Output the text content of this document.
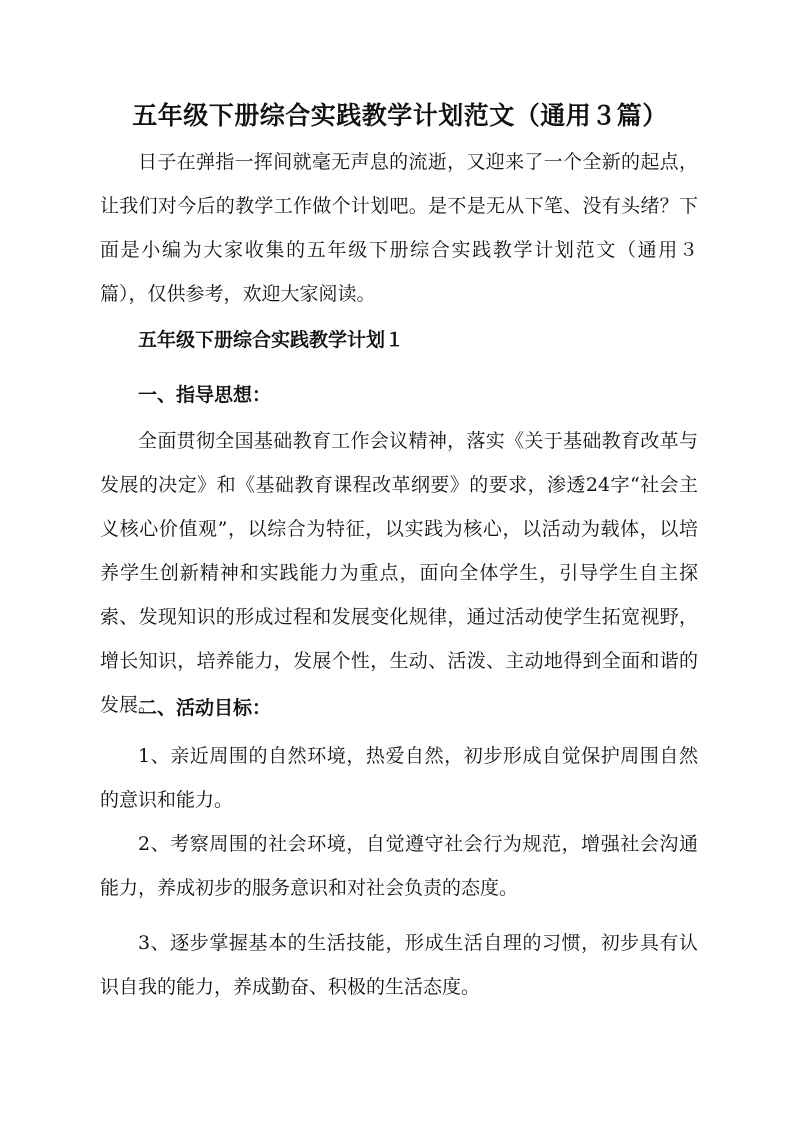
五年级下册综合实践教学计划范文（通用３篇）

日子在弹指一挥间就毫无声息的流逝，又迎来了一个全新的起点，让我们对今后的教学工作做个计划吧。是不是无从下笔、没有头绪？下面是小编为大家收集的五年级下册综合实践教学计划范文（通用３篇），仅供参考，欢迎大家阅读。

五年级下册综合实践教学计划１

一、指导思想：

全面贯彻全国基础教育工作会议精神，落实《关于基础教育改革与发展的决定》和《基础教育课程改革纲要》的要求，渗透24字“社会主义核心价值观”，以综合为特征，以实践为核心，以活动为载体，以培养学生创新精神和实践能力为重点，面向全体学生，引导学生自主探索、发现知识的形成过程和发展变化规律，通过活动使学生拓宽视野，增长知识，培养能力，发展个性，生动、活泼、主动地得到全面和谐的发展。

二、活动目标：

1、亲近周围的自然环境，热爱自然，初步形成自觉保护周围自然的意识和能力。

2、考察周围的社会环境，自觉遵守社会行为规范，增强社会沟通能力，养成初步的服务意识和对社会负责的态度。

3、逐步掌握基本的生活技能，形成生活自理的习惯，初步具有认识自我的能力，养成勤奋、积极的生活态度。
